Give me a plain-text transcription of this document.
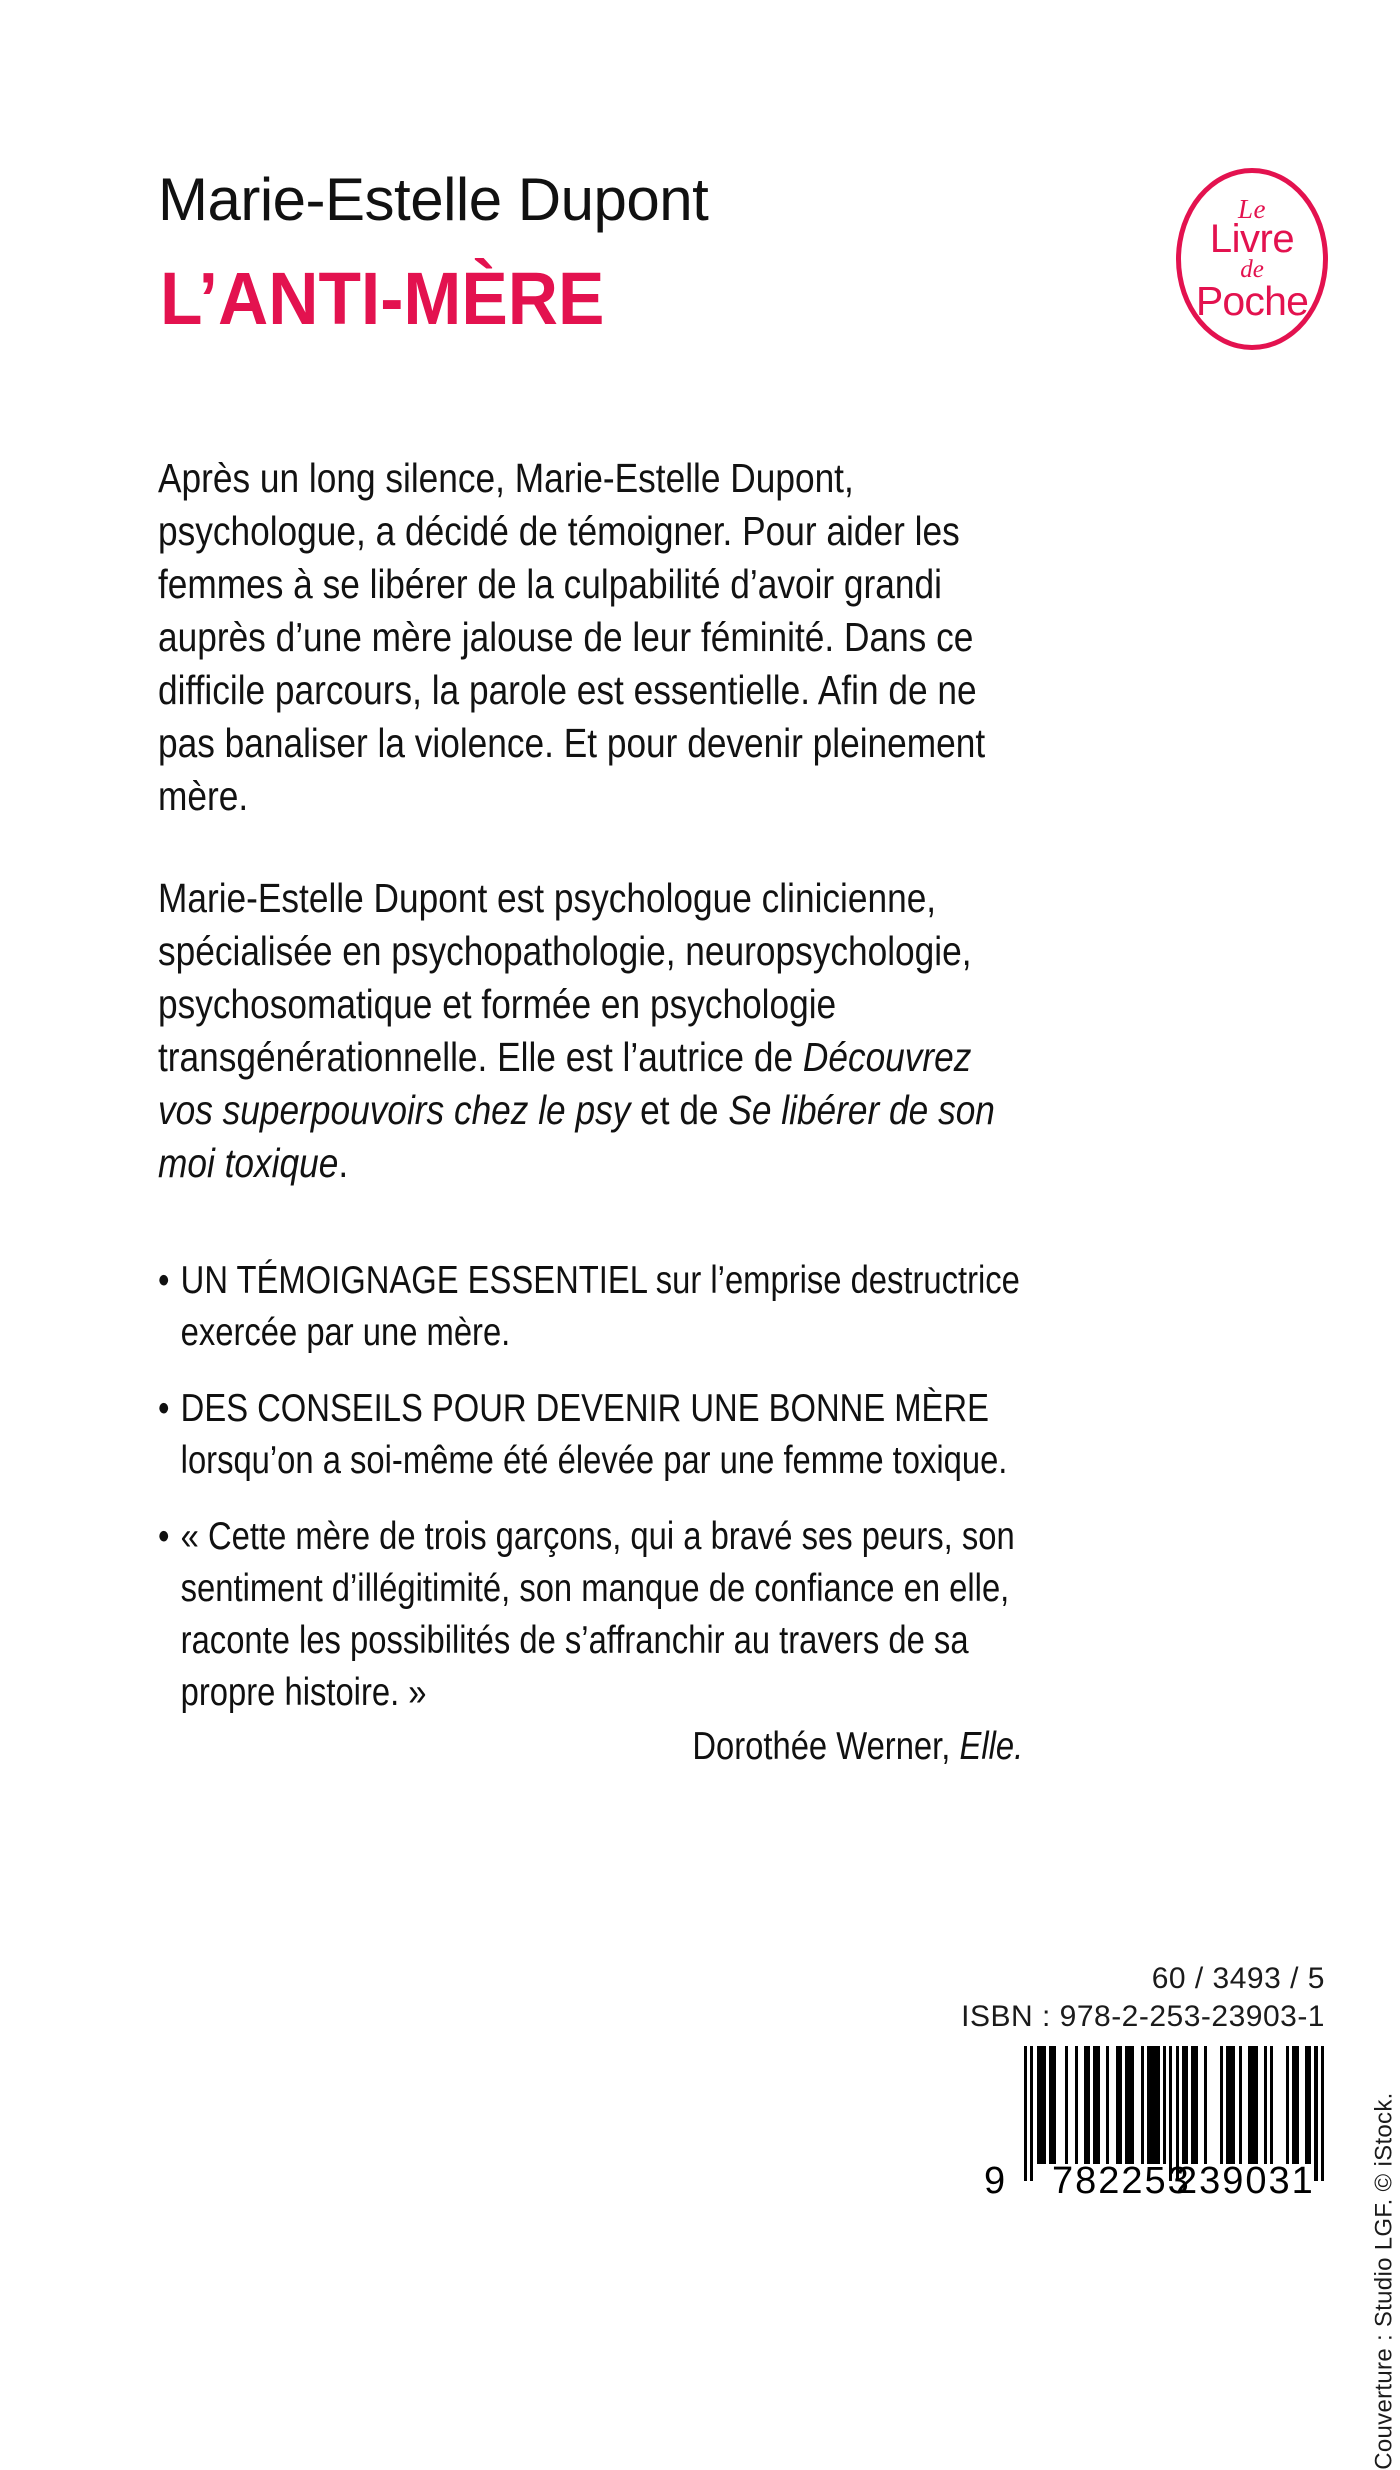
Marie-Estelle Dupont
L’ANTI-MÈRE
Le
Livre
de
Poche

Après un long silence, Marie-Estelle Dupont, psychologue, a décidé de témoigner. Pour aider les femmes à se libérer de la culpabilité d’avoir grandi auprès d’une mère jalouse de leur féminité. Dans ce difficile parcours, la parole est essentielle. Afin de ne pas banaliser la violence. Et pour devenir pleinement mère.

Marie-Estelle Dupont est psychologue clinicienne, spécialisée en psychopathologie, neuropsychologie, psychosomatique et formée en psychologie transgénérationnelle. Elle est l’autrice de Découvrez vos superpouvoirs chez le psy et de Se libérer de son moi toxique.

• UN TÉMOIGNAGE ESSENTIEL sur l’emprise destructrice exercée par une mère.
• DES CONSEILS POUR DEVENIR UNE BONNE MÈRE lorsqu’on a soi-même été élevée par une femme toxique.
• « Cette mère de trois garçons, qui a bravé ses peurs, son sentiment d’illégitimité, son manque de confiance en elle, raconte les possibilités de s’affranchir au travers de sa propre histoire. »
Dorothée Werner, Elle.
Couverture : Studio LGF. © iStock.
60 / 3493 / 5
ISBN : 978-2-253-23903-1
9 782253
239031
